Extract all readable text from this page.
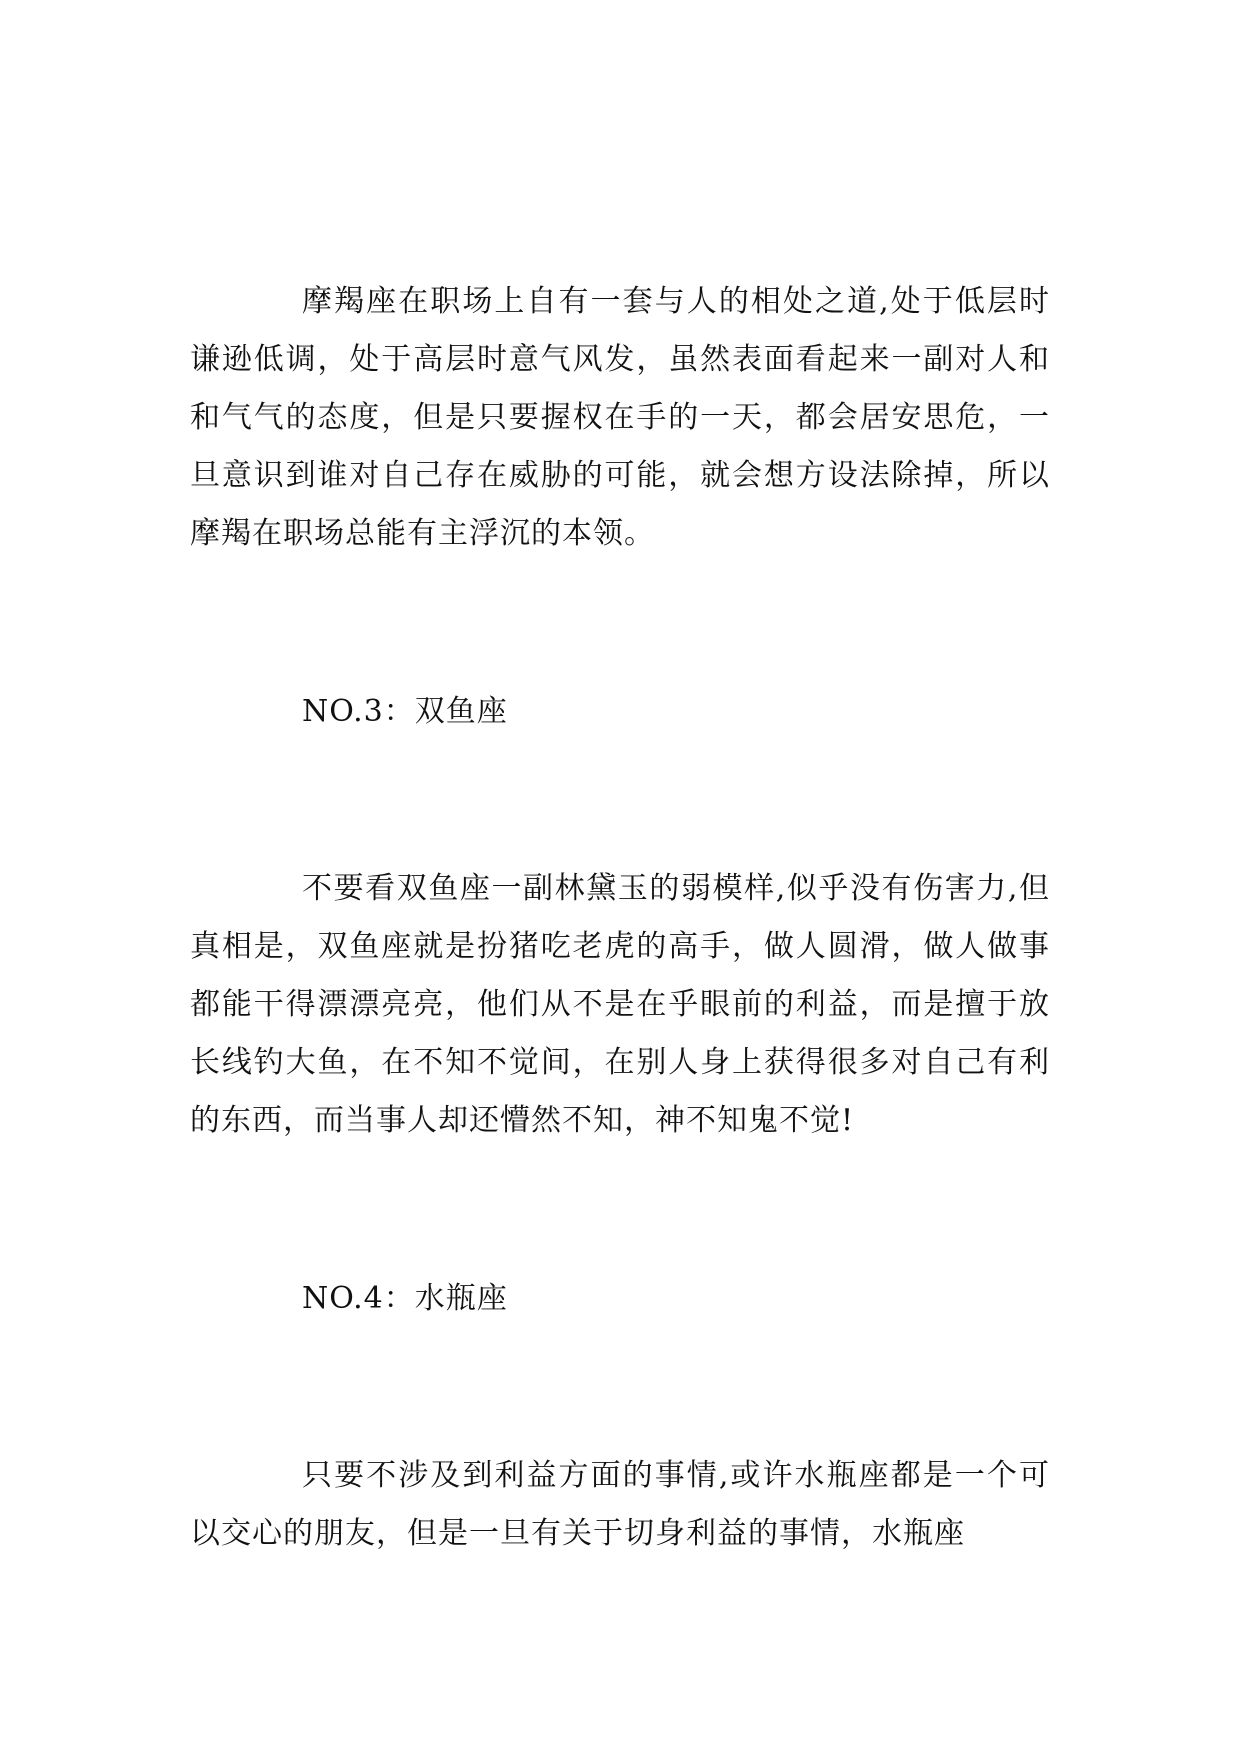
摩羯座在职场上自有一套与人的相处之道,处于低层时谦逊低调，处于高层时意气风发，虽然表面看起来一副对人和和气气的态度，但是只要握权在手的一天，都会居安思危，一旦意识到谁对自己存在威胁的可能，就会想方设法除掉，所以摩羯在职场总能有主浮沉的本领。

NO.3：双鱼座

不要看双鱼座一副林黛玉的弱模样,似乎没有伤害力,但真相是，双鱼座就是扮猪吃老虎的高手，做人圆滑，做人做事都能干得漂漂亮亮，他们从不是在乎眼前的利益，而是擅于放长线钓大鱼，在不知不觉间，在别人身上获得很多对自己有利的东西，而当事人却还懵然不知，神不知鬼不觉!

NO.4：水瓶座

只要不涉及到利益方面的事情,或许水瓶座都是一个可以交心的朋友，但是一旦有关于切身利益的事情，水瓶座
